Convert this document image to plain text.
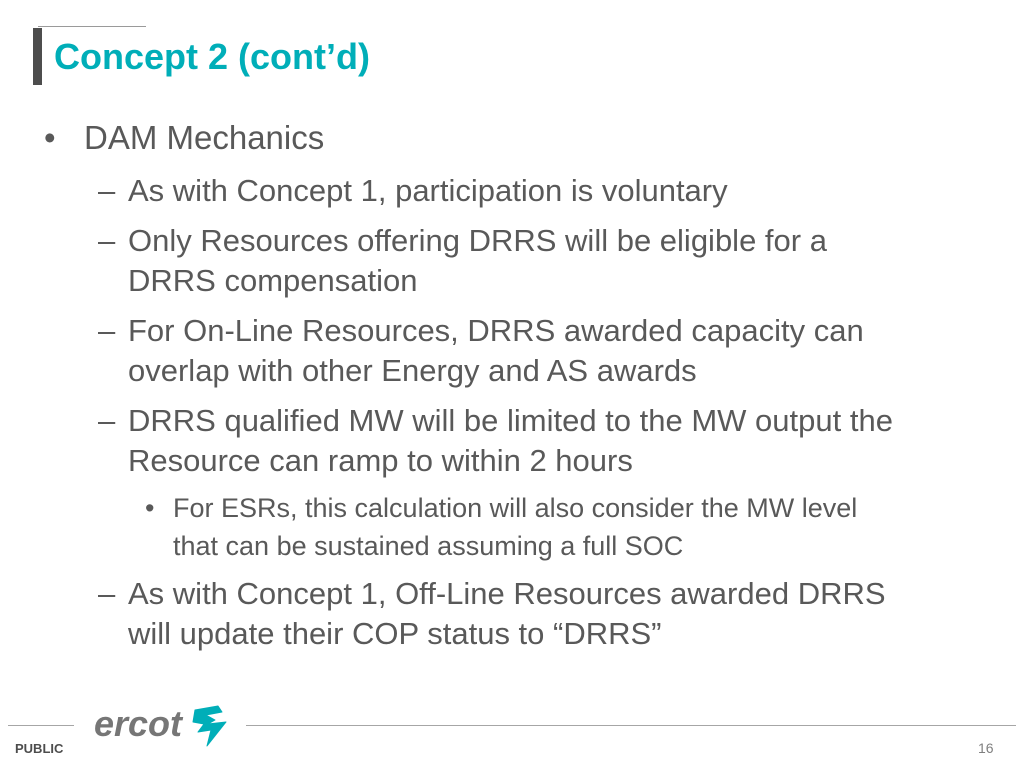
Concept 2 (cont’d)
• DAM Mechanics
– As with Concept 1, participation is voluntary
– Only Resources offering DRRS will be eligible for a
DRRS compensation
– For On-Line Resources, DRRS awarded capacity can
overlap with other Energy and AS awards
– DRRS qualified MW will be limited to the MW output the
Resource can ramp to within 2 hours
• For ESRs, this calculation will also consider the MW level
that can be sustained assuming a full SOC
– As with Concept 1, Off-Line Resources awarded DRRS
will update their COP status to “DRRS”
ercot
PUBLIC	16
